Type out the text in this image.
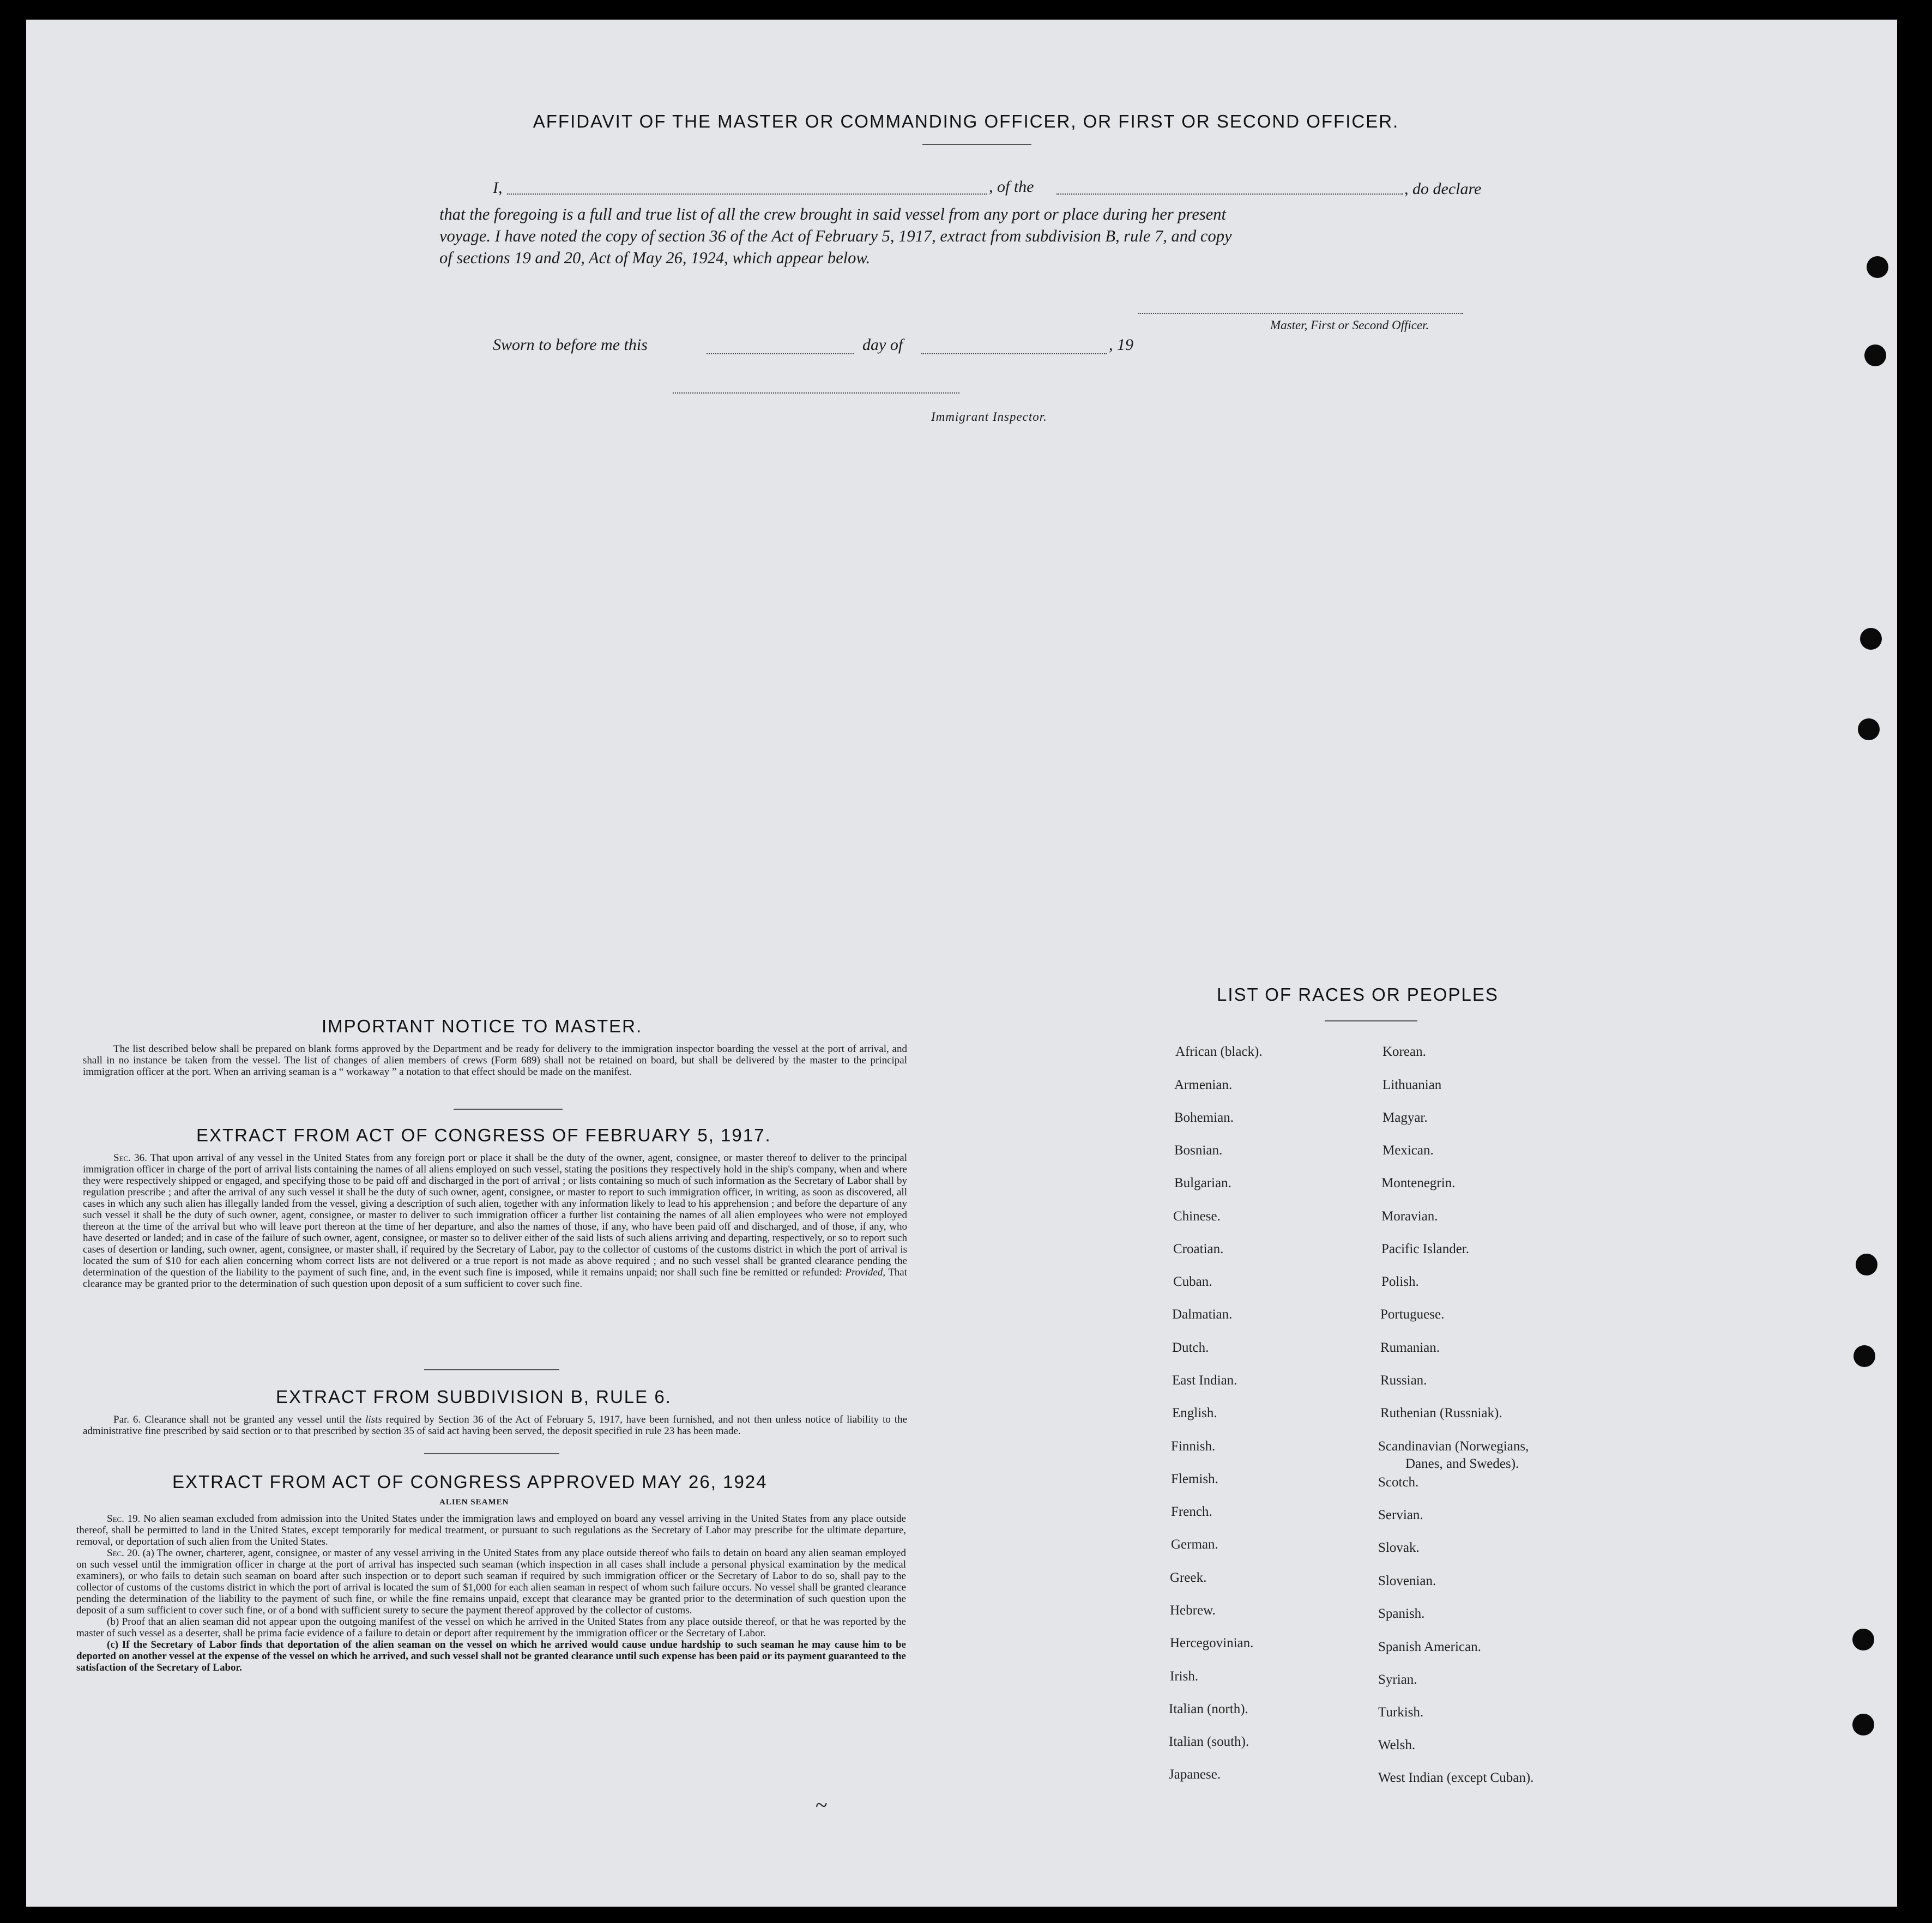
AFFIDAVIT OF THE MASTER OR COMMANDING OFFICER, OR FIRST OR SECOND OFFICER.
I,	, of the	, do declare
that the foregoing is a full and true list of all the crew brought in said vessel from any port or place during her present
voyage. I have noted the copy of section 36 of the Act of February 5, 1917, extract from subdivision B, rule 7, and copy
of sections 19 and 20, Act of May 26, 1924, which appear below.
Master, First or Second Officer.
Sworn to before me this	day of	, 19
Immigrant Inspector.
IMPORTANT NOTICE TO MASTER.

The list described below shall be prepared on blank forms approved by the Department and be ready for delivery to the immigration inspector boarding the vessel at the port of arrival, and shall in no instance be taken from the vessel. The list of changes of alien members of crews (Form 689) shall not be retained on board, but shall be delivered by the master to the principal immigration officer at the port. When an arriving seaman is a “ workaway ” a notation to that effect should be made on the manifest.

EXTRACT FROM ACT OF CONGRESS OF FEBRUARY 5, 1917.

Sec. 36. That upon arrival of any vessel in the United States from any foreign port or place it shall be the duty of the owner, agent, consignee, or master thereof to deliver to the principal immigration officer in charge of the port of arrival lists containing the names of all aliens employed on such vessel, stating the positions they respectively hold in the ship's company, when and where they were respectively shipped or engaged, and specifying those to be paid off and discharged in the port of arrival ; or lists containing so much of such information as the Secretary of Labor shall by regulation prescribe ; and after the arrival of any such vessel it shall be the duty of such owner, agent, consignee, or master to report to such immigration officer, in writing, as soon as discovered, all cases in which any such alien has illegally landed from the vessel, giving a description of such alien, together with any information likely to lead to his apprehension ; and before the departure of any such vessel it shall be the duty of such owner, agent, consignee, or master to deliver to such immigration officer a further list containing the names of all alien employees who were not employed thereon at the time of the arrival but who will leave port thereon at the time of her departure, and also the names of those, if any, who have been paid off and discharged, and of those, if any, who have deserted or landed; and in case of the failure of such owner, agent, consignee, or master so to deliver either of the said lists of such aliens arriving and departing, respectively, or so to report such cases of desertion or landing, such owner, agent, consignee, or master shall, if required by the Secretary of Labor, pay to the collector of customs of the customs district in which the port of arrival is located the sum of $10 for each alien concerning whom correct lists are not delivered or a true report is not made as above required ; and no such vessel shall be granted clearance pending the determination of the question of the liability to the payment of such fine, and, in the event such fine is imposed, while it remains unpaid; nor shall such fine be remitted or refunded: Provided, That clearance may be granted prior to the determination of such question upon deposit of a sum sufficient to cover such fine.

EXTRACT FROM SUBDIVISION B, RULE 6.

Par. 6. Clearance shall not be granted any vessel until the lists required by Section 36 of the Act of February 5, 1917, have been furnished, and not then unless notice of liability to the administrative fine prescribed by said section or to that prescribed by section 35 of said act having been served, the deposit specified in rule 23 has been made.

EXTRACT FROM ACT OF CONGRESS APPROVED MAY 26, 1924
ALIEN SEAMEN

Sec. 19. No alien seaman excluded from admission into the United States under the immigration laws and employed on board any vessel arriving in the United States from any place outside thereof, shall be permitted to land in the United States, except temporarily for medical treatment, or pursuant to such regulations as the Secretary of Labor may prescribe for the ultimate departure, removal, or deportation of such alien from the United States.

Sec. 20. (a) The owner, charterer, agent, consignee, or master of any vessel arriving in the United States from any place outside thereof who fails to detain on board any alien seaman employed on such vessel until the immigration officer in charge at the port of arrival has inspected such seaman (which inspection in all cases shall include a personal physical examination by the medical examiners), or who fails to detain such seaman on board after such inspection or to deport such seaman if required by such immigration officer or the Secretary of Labor to do so, shall pay to the collector of customs of the customs district in which the port of arrival is located the sum of $1,000 for each alien seaman in respect of whom such failure occurs. No vessel shall be granted clearance pending the determination of the liability to the payment of such fine, or while the fine remains unpaid, except that clearance may be granted prior to the determination of such question upon the deposit of a sum sufficient to cover such fine, or of a bond with sufficient surety to secure the payment thereof approved by the collector of customs.

(b) Proof that an alien seaman did not appear upon the outgoing manifest of the vessel on which he arrived in the United States from any place outside thereof, or that he was reported by the master of such vessel as a deserter, shall be prima facie evidence of a failure to detain or deport after requirement by the immigration officer or the Secretary of Labor.

(c) If the Secretary of Labor finds that deportation of the alien seaman on the vessel on which he arrived would cause undue hardship to such seaman he may cause him to be deported on another vessel at the expense of the vessel on which he arrived, and such vessel shall not be granted clearance until such expense has been paid or its payment guaranteed to the satisfaction of the Secretary of Labor.

~
LIST OF RACES OR PEOPLES
African (black).
Armenian.
Bohemian.
Bosnian.
Bulgarian.
Chinese.
Croatian.
Cuban.
Dalmatian.
Dutch.
East Indian.
English.
Finnish.
Flemish.
French.
German.
Greek.
Hebrew.
Hercegovinian.
Irish.
Italian (north).
Italian (south).
Japanese.
Korean.
Lithuanian
Magyar.
Mexican.
Montenegrin.
Moravian.
Pacific Islander.
Polish.
Portuguese.
Rumanian.
Russian.
Ruthenian (Russniak).
Scandinavian (Norwegians,
Danes, and Swedes).
Scotch.
Servian.
Slovak.
Slovenian.
Spanish.
Spanish American.
Syrian.
Turkish.
Welsh.
West Indian (except Cuban).
